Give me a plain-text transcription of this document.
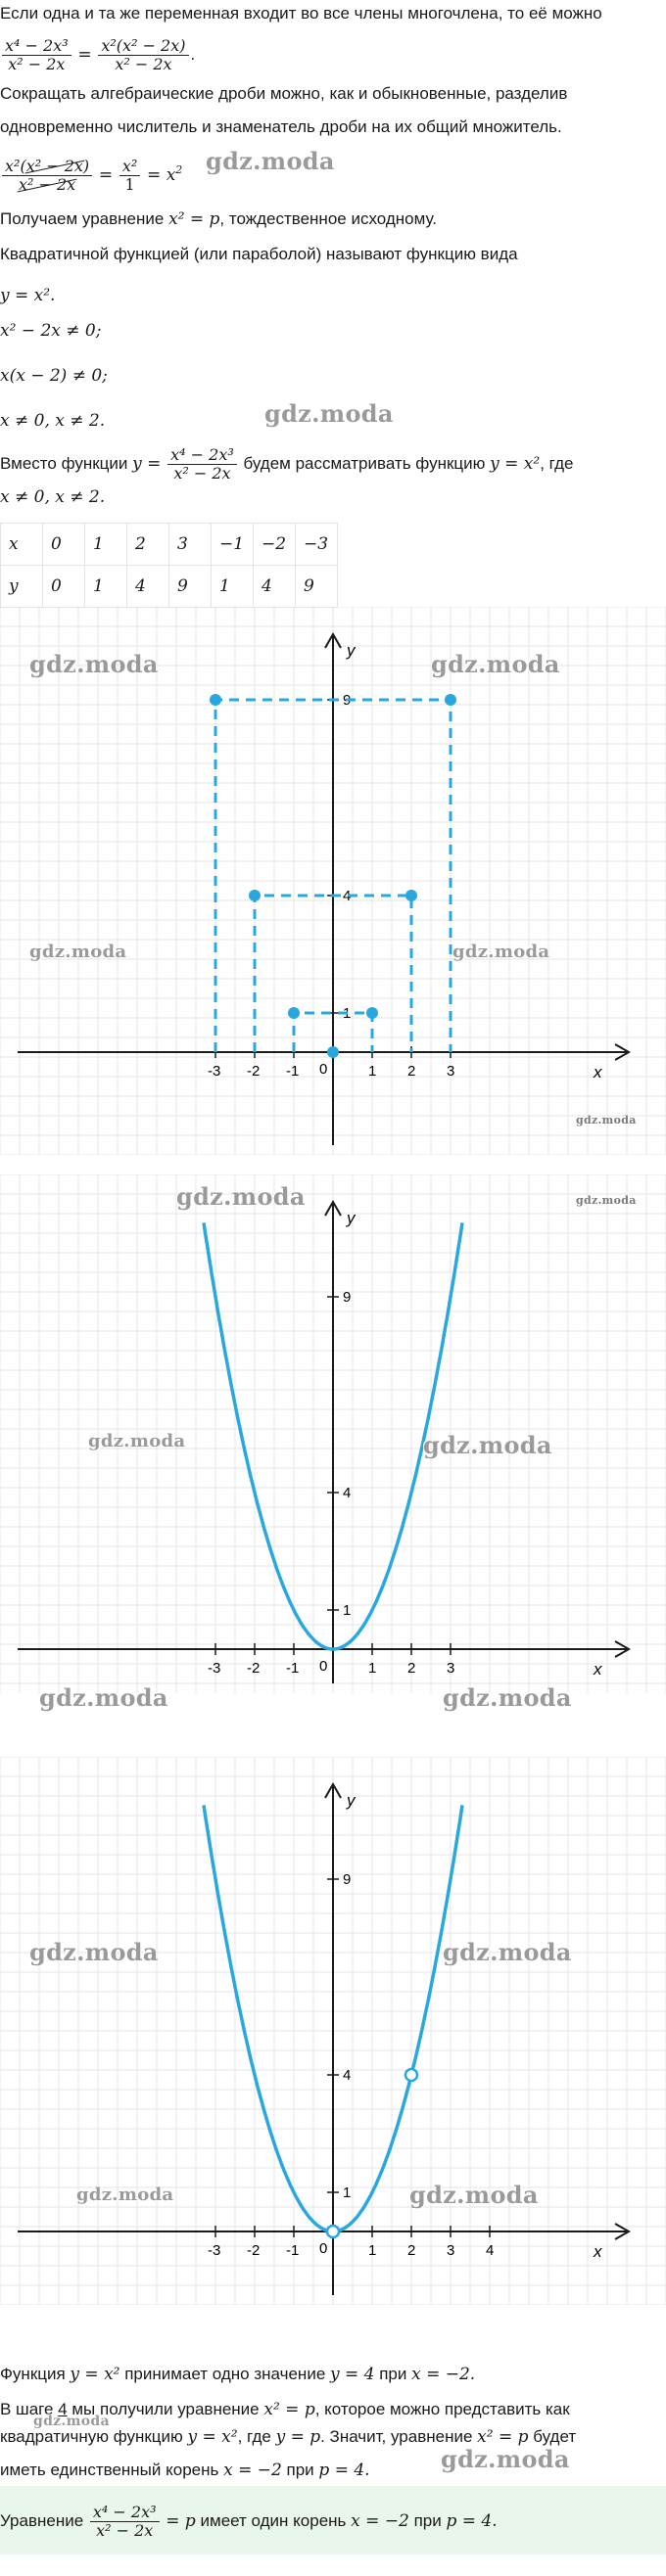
Если одна и та же переменная входит во все члены многочлена, то её можно
$\frac{\text{x⁴ − 2x³}}{\text{x² − 2x}} = \frac{\text{x²(x² − 2x)}}{\text{x² − 2x}}$ .
Сокращать алгебраические дроби можно, как и обыкновенные, разделив
одновременно числитель и знаменатель дроби на их общий множитель.
$\frac{\text{x²(x² − 2x)}}{\text{x² − 2x}} = \frac{\text{x²}}{1} = x^2$
Получаем уравнение x² = p, тождественное исходному.
Квадратичной функцией (или параболой) называют функцию вида
y = x².
x² − 2x ≠ 0;
x(x − 2) ≠ 0;
x ≠ 0, x ≠ 2.
Вместо функции $y = \frac{\text{x⁴ − 2x³}}{\text{x² − 2x}}$ будем рассматривать функцию y = x², где
x ≠ 0, x ≠ 2.
x	0	1	2	3	−1	−2	−3
y	0	1	4	9	1	4	9
y
x
0
-3 -2 -1	1 2 3
1
4
9
y
x
0
-3 -2 -1	1 2 3
1
4
9
y
x
0
-3 -2 -1	1 2 3 4
1
4
9
Функция y = x² принимает одно значение y = 4 при x = −2.
В шаге 4 мы получили уравнение x² = p, которое можно представить как
квадратичную функцию y = x², где y = p. Значит, уравнение x² = p будет
иметь единственный корень x = −2 при p = 4.
Уравнение $\frac{\text{x⁴ − 2x³}}{\text{x² − 2x}} = p$ имеет один корень x = −2 при p = 4.
gdz.moda
gdz.moda
gdz.moda	gdz.moda
gdz.moda	gdz.moda
gdz.moda
gdz.moda	gdz.moda
gdz.moda	gdz.moda
gdz.moda	gdz.moda
gdz.moda	gdz.moda
gdz.moda	gdz.moda
gdz.moda
gdz.moda
